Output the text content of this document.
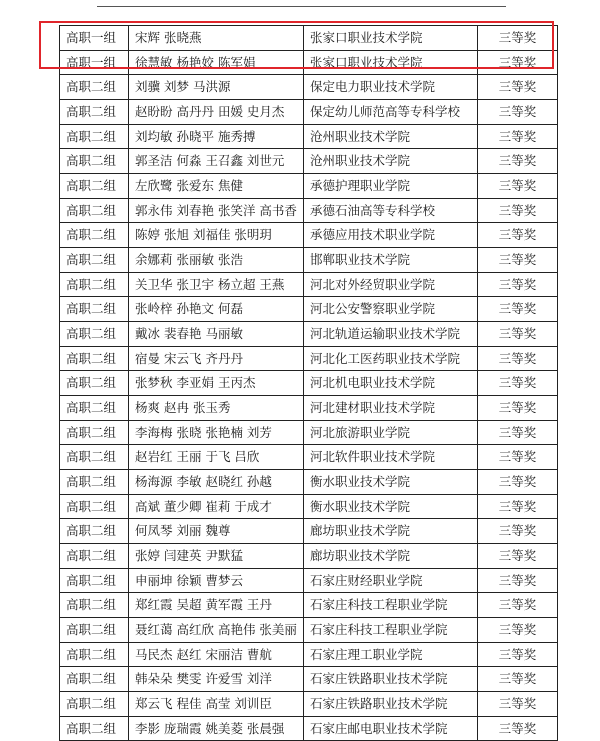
高职一组	宋辉 张晓燕	张家口职业技术学院	三等奖
高职一组	徐慧敏 杨艳姣 陈军娟	张家口职业技术学院	三等奖
高职二组	刘骥 刘梦 马洪源	保定电力职业技术学院	三等奖
高职二组	赵盼盼 高丹丹 田媛 史月杰	保定幼儿师范高等专科学校	三等奖
高职二组	刘均敏 孙晓平 施秀搏	沧州职业技术学院	三等奖
高职二组	郭圣洁 何淼 王召鑫 刘世元	沧州职业技术学院	三等奖
高职二组	左欣鹭 张爱东 焦健	承德护理职业学院	三等奖
高职二组	郭永伟 刘春艳 张笑洋 高书香	承德石油高等专科学校	三等奖
高职二组	陈婷 张旭 刘福佳 张明玥	承德应用技术职业学院	三等奖
高职二组	余娜莉 张丽敏 张浩	邯郸职业技术学院	三等奖
高职二组	关卫华 张卫宇 杨立超 王燕	河北对外经贸职业学院	三等奖
高职二组	张岭梓 孙艳文 何磊	河北公安警察职业学院	三等奖
高职二组	戴冰 裴春艳 马丽敏	河北轨道运输职业技术学院	三等奖
高职二组	宿曼 宋云飞 齐丹丹	河北化工医药职业技术学院	三等奖
高职二组	张梦秋 李亚娟 王丙杰	河北机电职业技术学院	三等奖
高职二组	杨爽 赵冉 张玉秀	河北建材职业技术学院	三等奖
高职二组	李海梅 张晓 张艳楠 刘芳	河北旅游职业学院	三等奖
高职二组	赵岩红 王丽 于飞 吕欣	河北软件职业技术学院	三等奖
高职二组	杨海源 李敏 赵晓红 孙越	衡水职业技术学院	三等奖
高职二组	高斌 董少卿 崔莉 于成才	衡水职业技术学院	三等奖
高职二组	何凤琴 刘丽 魏尊	廊坊职业技术学院	三等奖
高职二组	张婷 闫建英 尹默猛	廊坊职业技术学院	三等奖
高职二组	申丽坤 徐颖 曹梦云	石家庄财经职业学院	三等奖
高职二组	郑红霞 吴超 黄军霞 王丹	石家庄科技工程职业学院	三等奖
高职二组	聂红蔼 高红欣 高艳伟 张美丽	石家庄科技工程职业学院	三等奖
高职二组	马民杰 赵红 宋丽洁 曹航	石家庄理工职业学院	三等奖
高职二组	韩朵朵 樊雯 许爱雪 刘洋	石家庄铁路职业技术学院	三等奖
高职二组	郑云飞 程佳 高莹 刘训臣	石家庄铁路职业技术学院	三等奖
高职二组	李影 庞瑞霞 姚美菱 张晨强	石家庄邮电职业技术学院	三等奖
